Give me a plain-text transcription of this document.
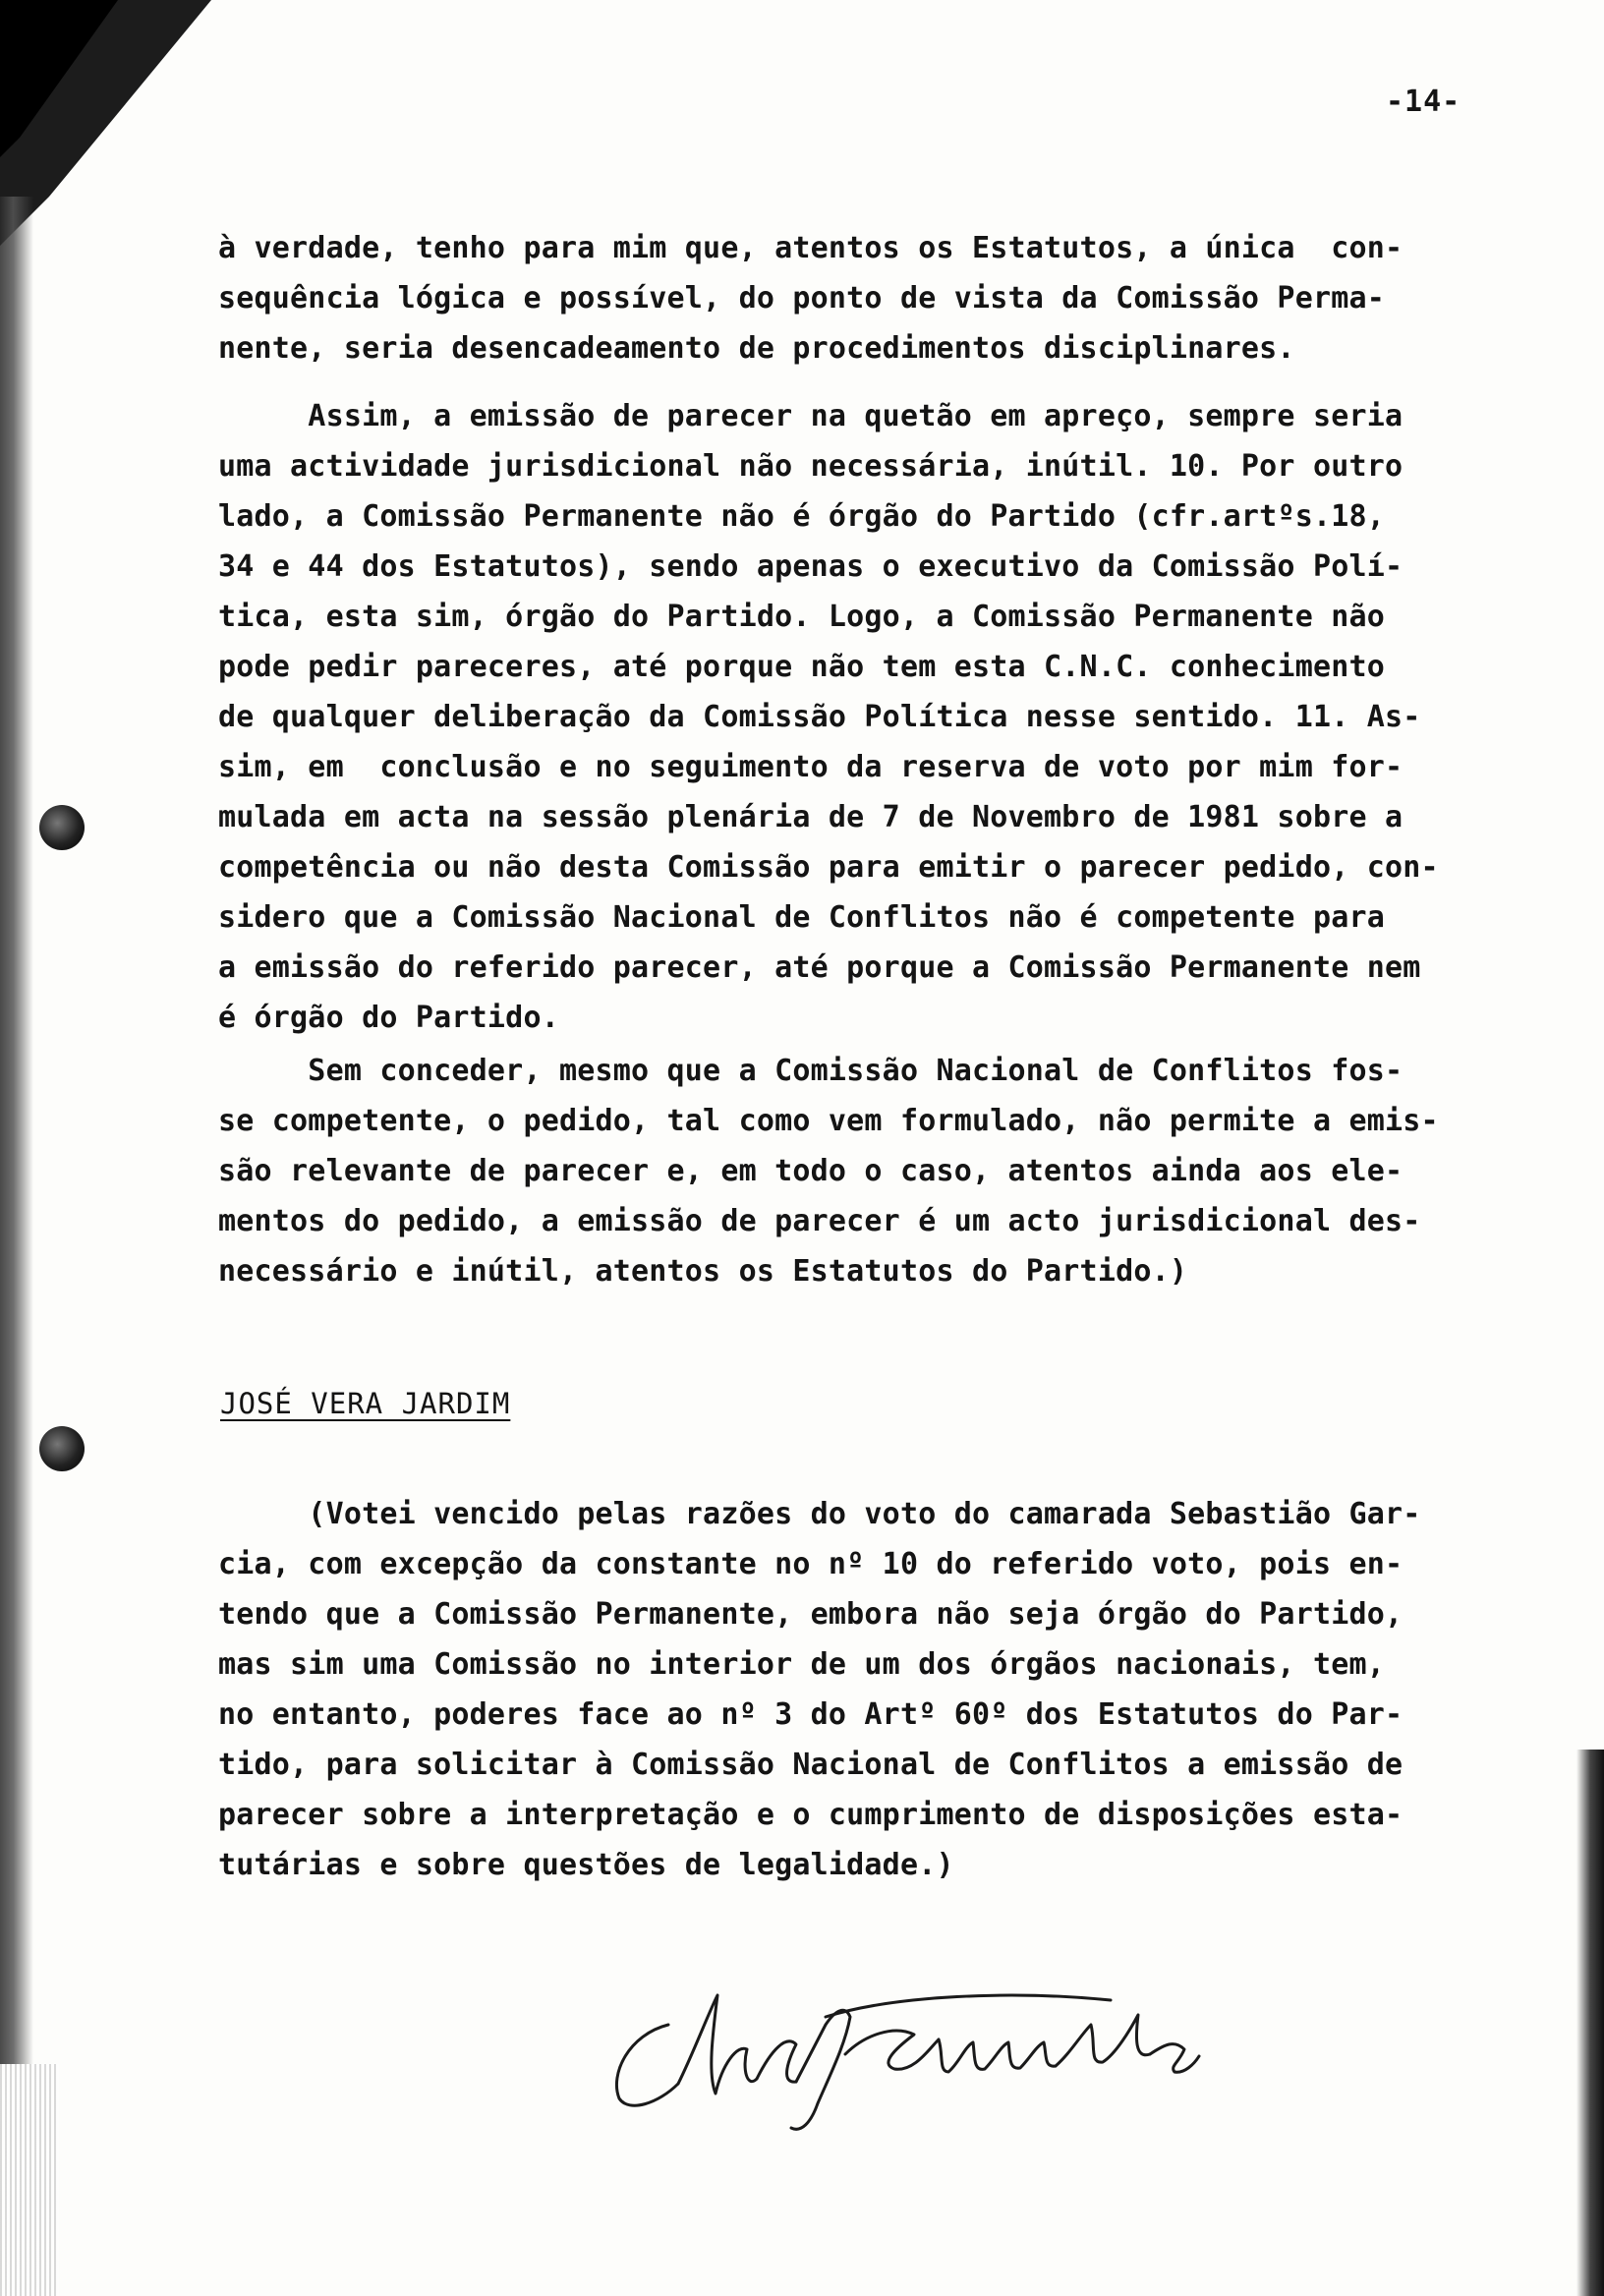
-14-
à verdade, tenho para mim que, atentos os Estatutos, a única  con-
sequência lógica e possível, do ponto de vista da Comissão Perma-
nente, seria desencadeamento de procedimentos disciplinares.
Assim, a emissão de parecer na quetão em apreço, sempre seria
uma actividade jurisdicional não necessária, inútil. 10. Por outro
lado, a Comissão Permanente não é órgão do Partido (cfr.artºs.18,
34 e 44 dos Estatutos), sendo apenas o executivo da Comissão Polí-
tica, esta sim, órgão do Partido. Logo, a Comissão Permanente não
pode pedir pareceres, até porque não tem esta C.N.C. conhecimento
de qualquer deliberação da Comissão Política nesse sentido. 11. As-
sim, em  conclusão e no seguimento da reserva de voto por mim for-
mulada em acta na sessão plenária de 7 de Novembro de 1981 sobre a
competência ou não desta Comissão para emitir o parecer pedido, con-
sidero que a Comissão Nacional de Conflitos não é competente para
a emissão do referido parecer, até porque a Comissão Permanente nem
é órgão do Partido.
Sem conceder, mesmo que a Comissão Nacional de Conflitos fos-
se competente, o pedido, tal como vem formulado, não permite a emis-
são relevante de parecer e, em todo o caso, atentos ainda aos ele-
mentos do pedido, a emissão de parecer é um acto jurisdicional des-
necessário e inútil, atentos os Estatutos do Partido.)
JOSÉ VERA JARDIM
(Votei vencido pelas razões do voto do camarada Sebastião Gar-
cia, com excepção da constante no nº 10 do referido voto, pois en-
tendo que a Comissão Permanente, embora não seja órgão do Partido,
mas sim uma Comissão no interior de um dos órgãos nacionais, tem,
no entanto, poderes face ao nº 3 do Artº 60º dos Estatutos do Par-
tido, para solicitar à Comissão Nacional de Conflitos a emissão de
parecer sobre a interpretação e o cumprimento de disposições esta-
tutárias e sobre questões de legalidade.)
